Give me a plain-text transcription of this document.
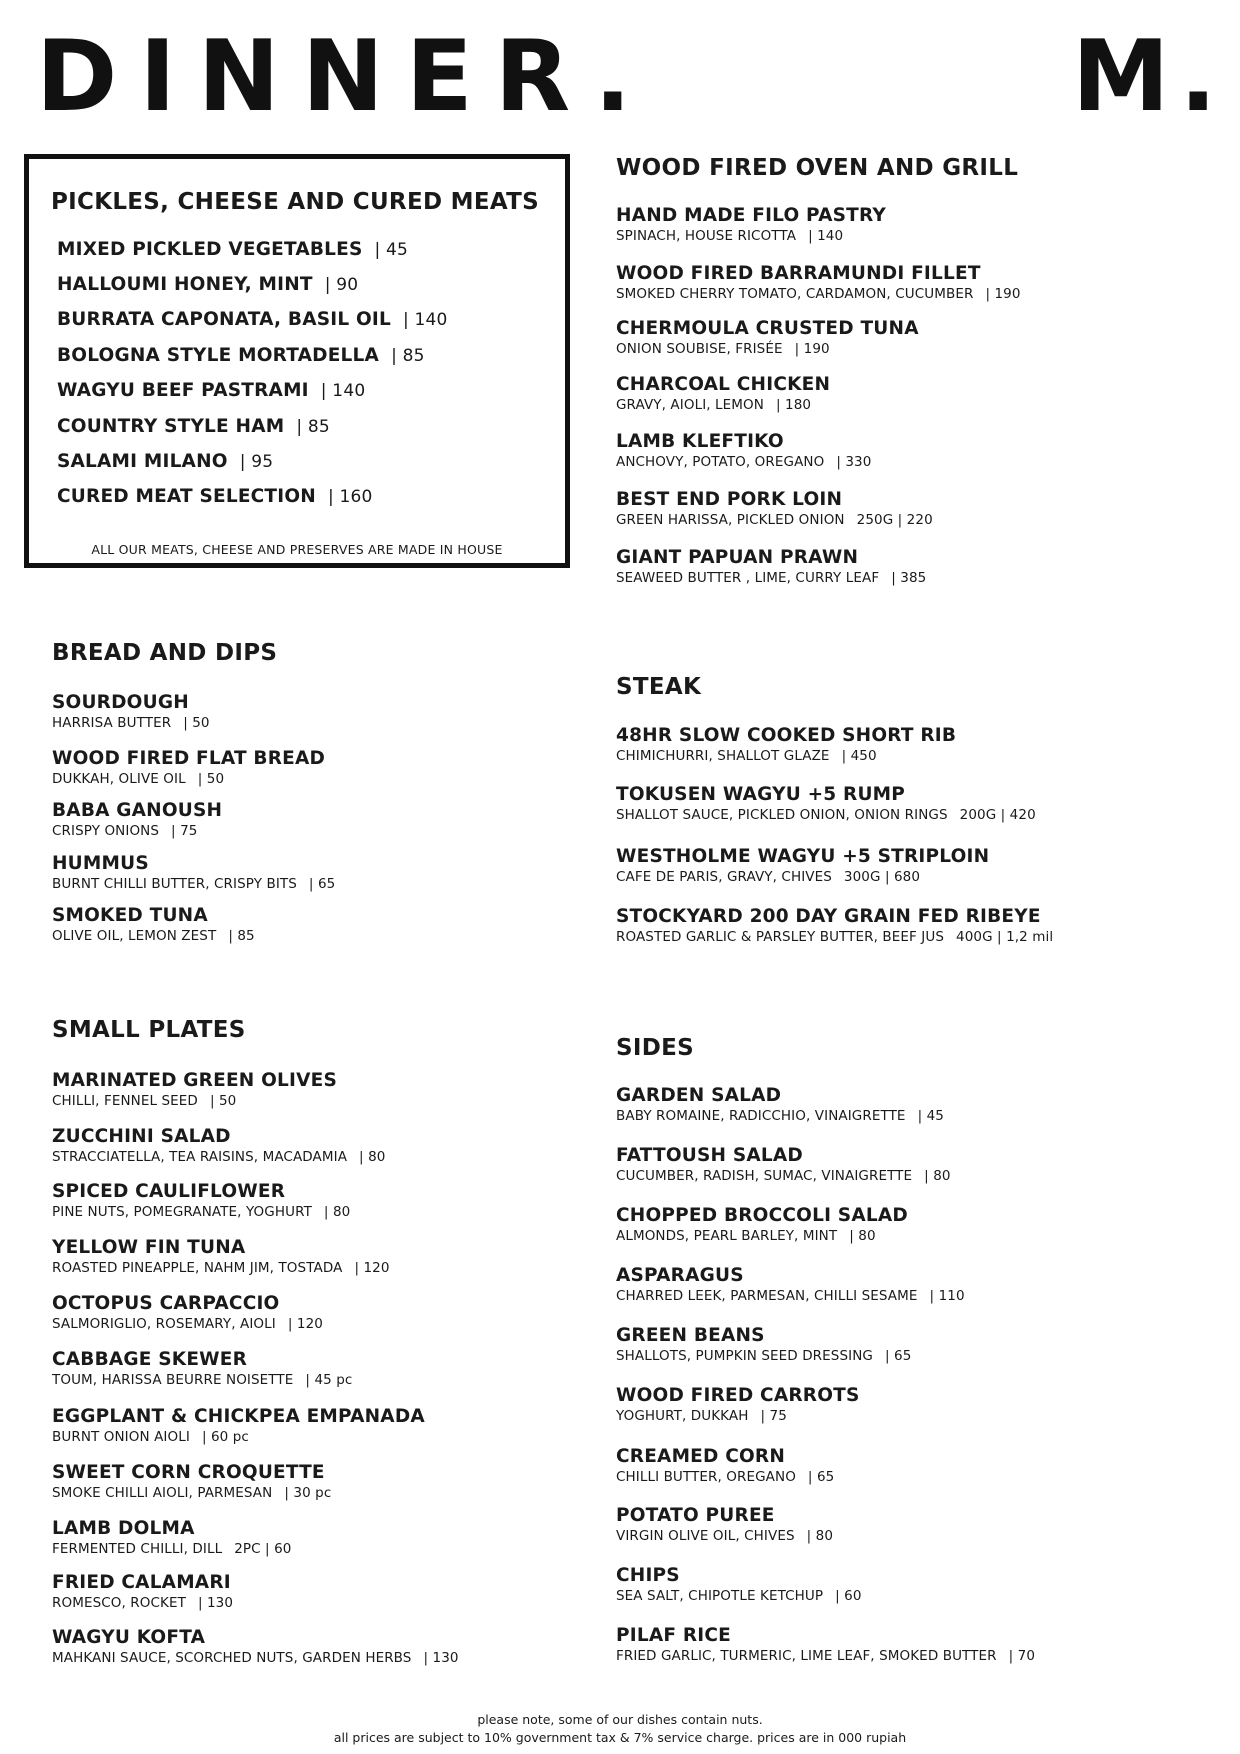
DINNER.	M.
PICKLES, CHEESE AND CURED MEATS
MIXED PICKLED VEGETABLES | 45
HALLOUMI HONEY, MINT | 90
BURRATA CAPONATA, BASIL OIL | 140
BOLOGNA STYLE MORTADELLA | 85
WAGYU BEEF PASTRAMI | 140
COUNTRY STYLE HAM | 85
SALAMI MILANO | 95
CURED MEAT SELECTION | 160
ALL OUR MEATS, CHEESE AND PRESERVES ARE MADE IN HOUSE
BREAD AND DIPS
SOURDOUGH
HARRISA BUTTER | 50
WOOD FIRED FLAT BREAD
DUKKAH, OLIVE OIL | 50
BABA GANOUSH
CRISPY ONIONS | 75
HUMMUS
BURNT CHILLI BUTTER, CRISPY BITS | 65
SMOKED TUNA
OLIVE OIL, LEMON ZEST | 85
SMALL PLATES
MARINATED GREEN OLIVES
CHILLI, FENNEL SEED | 50
ZUCCHINI SALAD
STRACCIATELLA, TEA RAISINS, MACADAMIA | 80
SPICED CAULIFLOWER
PINE NUTS, POMEGRANATE, YOGHURT | 80
YELLOW FIN TUNA
ROASTED PINEAPPLE, NAHM JIM, TOSTADA | 120
OCTOPUS CARPACCIO
SALMORIGLIO, ROSEMARY, AIOLI | 120
CABBAGE SKEWER
TOUM, HARISSA BEURRE NOISETTE | 45 pc
EGGPLANT & CHICKPEA EMPANADA
BURNT ONION AIOLI | 60 pc
SWEET CORN CROQUETTE
SMOKE CHILLI AIOLI, PARMESAN | 30 pc
LAMB DOLMA
FERMENTED CHILLI, DILL 2PC | 60
FRIED CALAMARI
ROMESCO, ROCKET | 130
WAGYU KOFTA
MAHKANI SAUCE, SCORCHED NUTS, GARDEN HERBS | 130
WOOD FIRED OVEN AND GRILL
HAND MADE FILO PASTRY
SPINACH, HOUSE RICOTTA | 140
WOOD FIRED BARRAMUNDI FILLET
SMOKED CHERRY TOMATO, CARDAMON, CUCUMBER | 190
CHERMOULA CRUSTED TUNA
ONION SOUBISE, FRISÉE | 190
CHARCOAL CHICKEN
GRAVY, AIOLI, LEMON | 180
LAMB KLEFTIKO
ANCHOVY, POTATO, OREGANO | 330
BEST END PORK LOIN
GREEN HARISSA, PICKLED ONION 250G | 220
GIANT PAPUAN PRAWN
SEAWEED BUTTER , LIME, CURRY LEAF | 385
STEAK
48HR SLOW COOKED SHORT RIB
CHIMICHURRI, SHALLOT GLAZE | 450
TOKUSEN WAGYU +5 RUMP
SHALLOT SAUCE, PICKLED ONION, ONION RINGS 200G | 420
WESTHOLME WAGYU +5 STRIPLOIN
CAFE DE PARIS, GRAVY, CHIVES 300G | 680
STOCKYARD 200 DAY GRAIN FED RIBEYE
ROASTED GARLIC & PARSLEY BUTTER, BEEF JUS 400G | 1,2 mil
SIDES
GARDEN SALAD
BABY ROMAINE, RADICCHIO, VINAIGRETTE | 45
FATTOUSH SALAD
CUCUMBER, RADISH, SUMAC, VINAIGRETTE | 80
CHOPPED BROCCOLI SALAD
ALMONDS, PEARL BARLEY, MINT | 80
ASPARAGUS
CHARRED LEEK, PARMESAN, CHILLI SESAME | 110
GREEN BEANS
SHALLOTS, PUMPKIN SEED DRESSING | 65
WOOD FIRED CARROTS
YOGHURT, DUKKAH | 75
CREAMED CORN
CHILLI BUTTER, OREGANO | 65
POTATO PUREE
VIRGIN OLIVE OIL, CHIVES | 80
CHIPS
SEA SALT, CHIPOTLE KETCHUP | 60
PILAF RICE
FRIED GARLIC, TURMERIC, LIME LEAF, SMOKED BUTTER | 70
please note, some of our dishes contain nuts.
all prices are subject to 10% government tax & 7% service charge. prices are in 000 rupiah
